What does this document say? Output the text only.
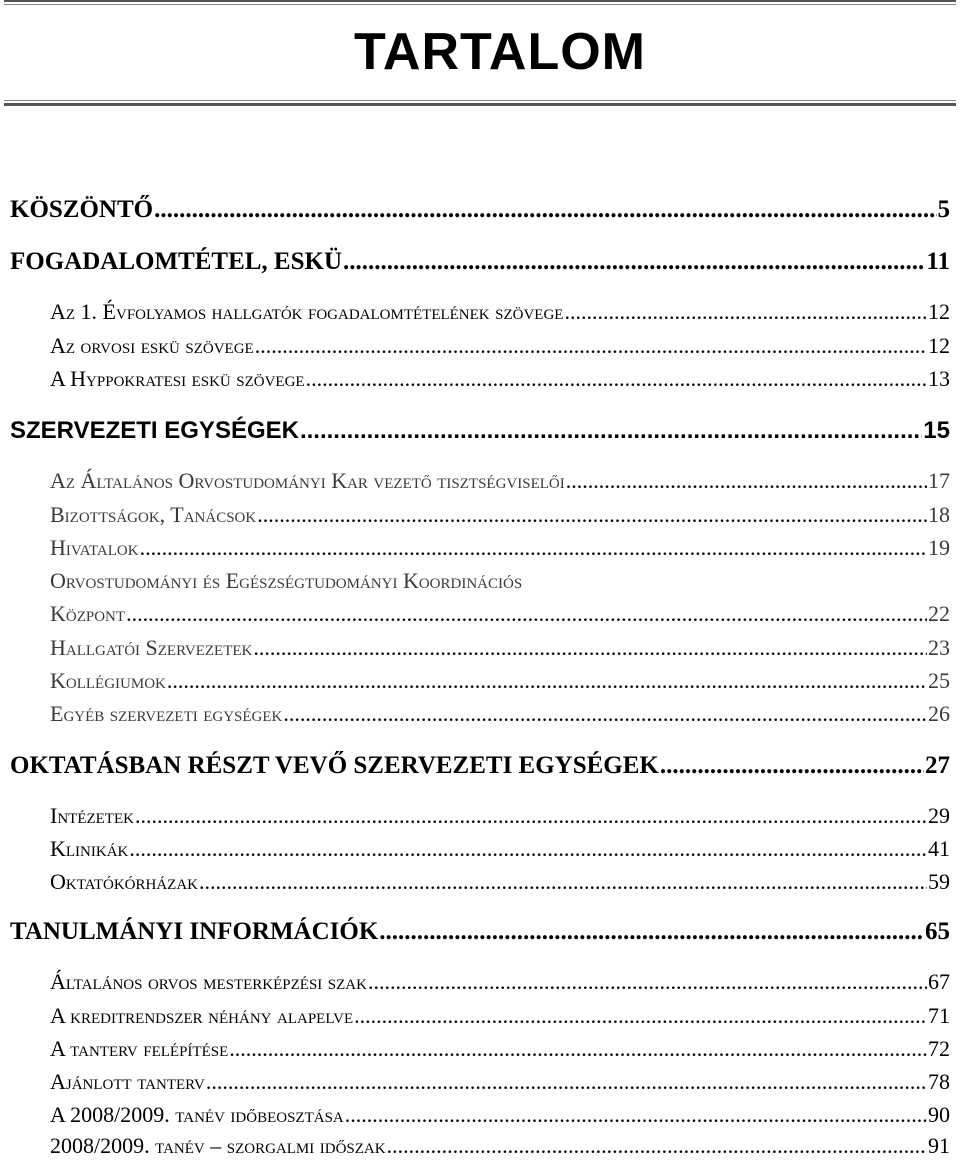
TARTALOM
KÖSZÖNTŐ .....	5
FOGADALOMTÉTEL, ESKÜ .....	11
Az 1. Évfolyamos hallgatók fogadalomtételének szövege .....	12
Az orvosi eskü szövege .....	12
A Hyppokratesi eskü szövege .....	13
SZERVEZETI EGYSÉGEK .....	15
Az Általános Orvostudományi Kar vezető tisztségviselői .....	17
Bizottságok, Tanácsok .....	18
Hivatalok .....	19
Orvostudományi és Egészségtudományi Koordinációs
Központ .....	22
Hallgatói Szervezetek .....	23
Kollégiumok .....	25
Egyéb szervezeti egységek .....	26
OKTATÁSBAN RÉSZT VEVŐ SZERVEZETI EGYSÉGEK .....	27
Intézetek .....	29
Klinikák .....	41
Oktatókórházak .....	59
TANULMÁNYI INFORMÁCIÓK .....	65
Általános orvos mesterképzési szak .....	67
A kreditrendszer néhány alapelve .....	71
A tanterv felépítése .....	72
Ajánlott tanterv .....	78
A 2008/2009. tanév időbeosztása .....	90
2008/2009. tanév – szorgalmi időszak .....	91
